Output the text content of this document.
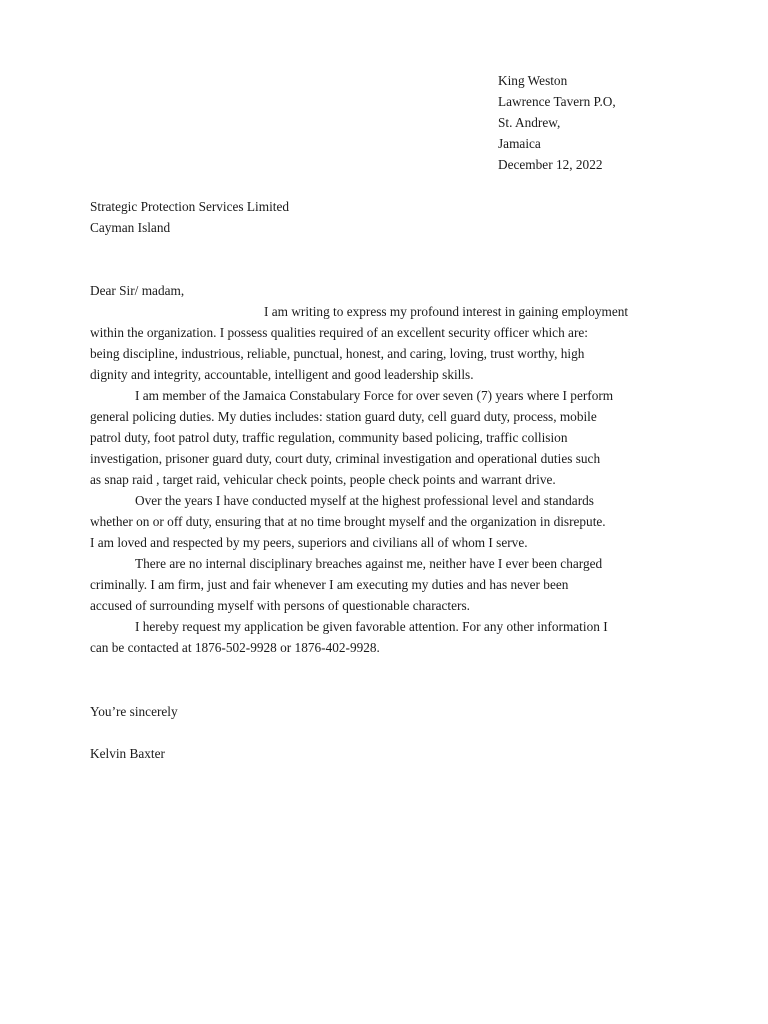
King Weston
Lawrence Tavern P.O,
St. Andrew,
Jamaica
December 12, 2022
Strategic Protection Services Limited
Cayman Island
Dear Sir/ madam,
I am writing to express my profound interest in gaining employment
within the organization. I possess qualities required of an excellent security officer which are:
being discipline, industrious, reliable, punctual, honest, and caring, loving, trust worthy, high
dignity and integrity, accountable, intelligent and good leadership skills.
I am member of the Jamaica Constabulary Force for over seven (7) years where I perform
general policing duties. My duties includes: station guard duty, cell guard duty, process, mobile
patrol duty, foot patrol duty, traffic regulation, community based policing, traffic collision
investigation, prisoner guard duty, court duty, criminal investigation and operational duties such
as snap raid , target raid, vehicular check points, people check points and warrant drive.
Over the years I have conducted myself at the highest professional level and standards
whether on or off duty, ensuring that at no time brought myself and the organization in disrepute.
I am loved and respected by my peers, superiors and civilians all of whom I serve.
There are no internal disciplinary breaches against me, neither have I ever been charged
criminally. I am firm, just and fair whenever I am executing my duties and has never been
accused of surrounding myself with persons of questionable characters.
I hereby request my application be given favorable attention. For any other information I
can be contacted at 1876-502-9928 or 1876-402-9928.
You’re sincerely
Kelvin Baxter
